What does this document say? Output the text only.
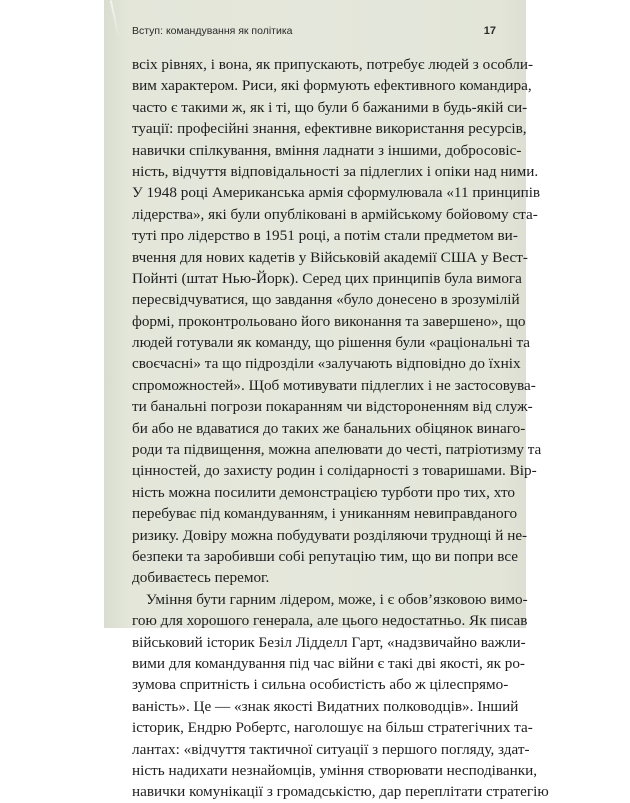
Вступ: командування як політика	17
всіх рівнях, і вона, як припускають, потребує людей з особли-
вим характером. Риси, які формують ефективного командира,
часто є такими ж, як і ті, що були б бажаними в будь-якій си-
туації: професійні знання, ефективне використання ресурсів,
навички спілкування, вміння ладнати з іншими, добросовіс-
ність, відчуття відповідальності за підлеглих і опіки над ними.
У 1948 році Американська армія сформулювала «11 принципів
лідерства», які були опубліковані в армійському бойовому ста-
туті про лідерство в 1951 році, а потім стали предметом ви-
вчення для нових кадетів у Військовій академії США у Вест-
Пойнті (штат Нью-Йорк). Серед цих принципів була вимога
пересвідчуватися, що завдання «було донесено в зрозумілій
формі, проконтрольовано його виконання та завершено», що
людей готували як команду, що рішення були «раціональні та
своєчасні» та що підрозділи «залучають відповідно до їхніх
спроможностей». Щоб мотивувати підлеглих і не застосовува-
ти банальні погрози покаранням чи відстороненням від служ-
би або не вдаватися до таких же банальних обіцянок винаго-
роди та підвищення, можна апелювати до честі, патріотизму та
цінностей, до захисту родин і солідарності з товаришами. Вір-
ність можна посилити демонстрацією турботи про тих, хто
перебуває під командуванням, і униканням невиправданого
ризику. Довіру можна побудувати розділяючи труднощі й не-
безпеки та заробивши собі репутацію тим, що ви попри все
добиваєтесь перемог.
Уміння бути гарним лідером, може, і є обов’язковою вимо-
гою для хорошого генерала, але цього недостатньо. Як писав
військовий історик Безіл Лідделл Гарт, «надзвичайно важли-
вими для командування під час війни є такі дві якості, як ро-
зумова спритність і сильна особистість або ж цілеспрямо-
ваність». Це — «знак якості Видатних полководців». Інший
історик, Ендрю Робертс, наголошує на більш стратегічних та-
лантах: «відчуття тактичної ситуації з першого погляду, здат-
ність надихати незнайомців, уміння створювати несподіванки,
навички комунікації з громадськістю, дар переплітати стратегію
